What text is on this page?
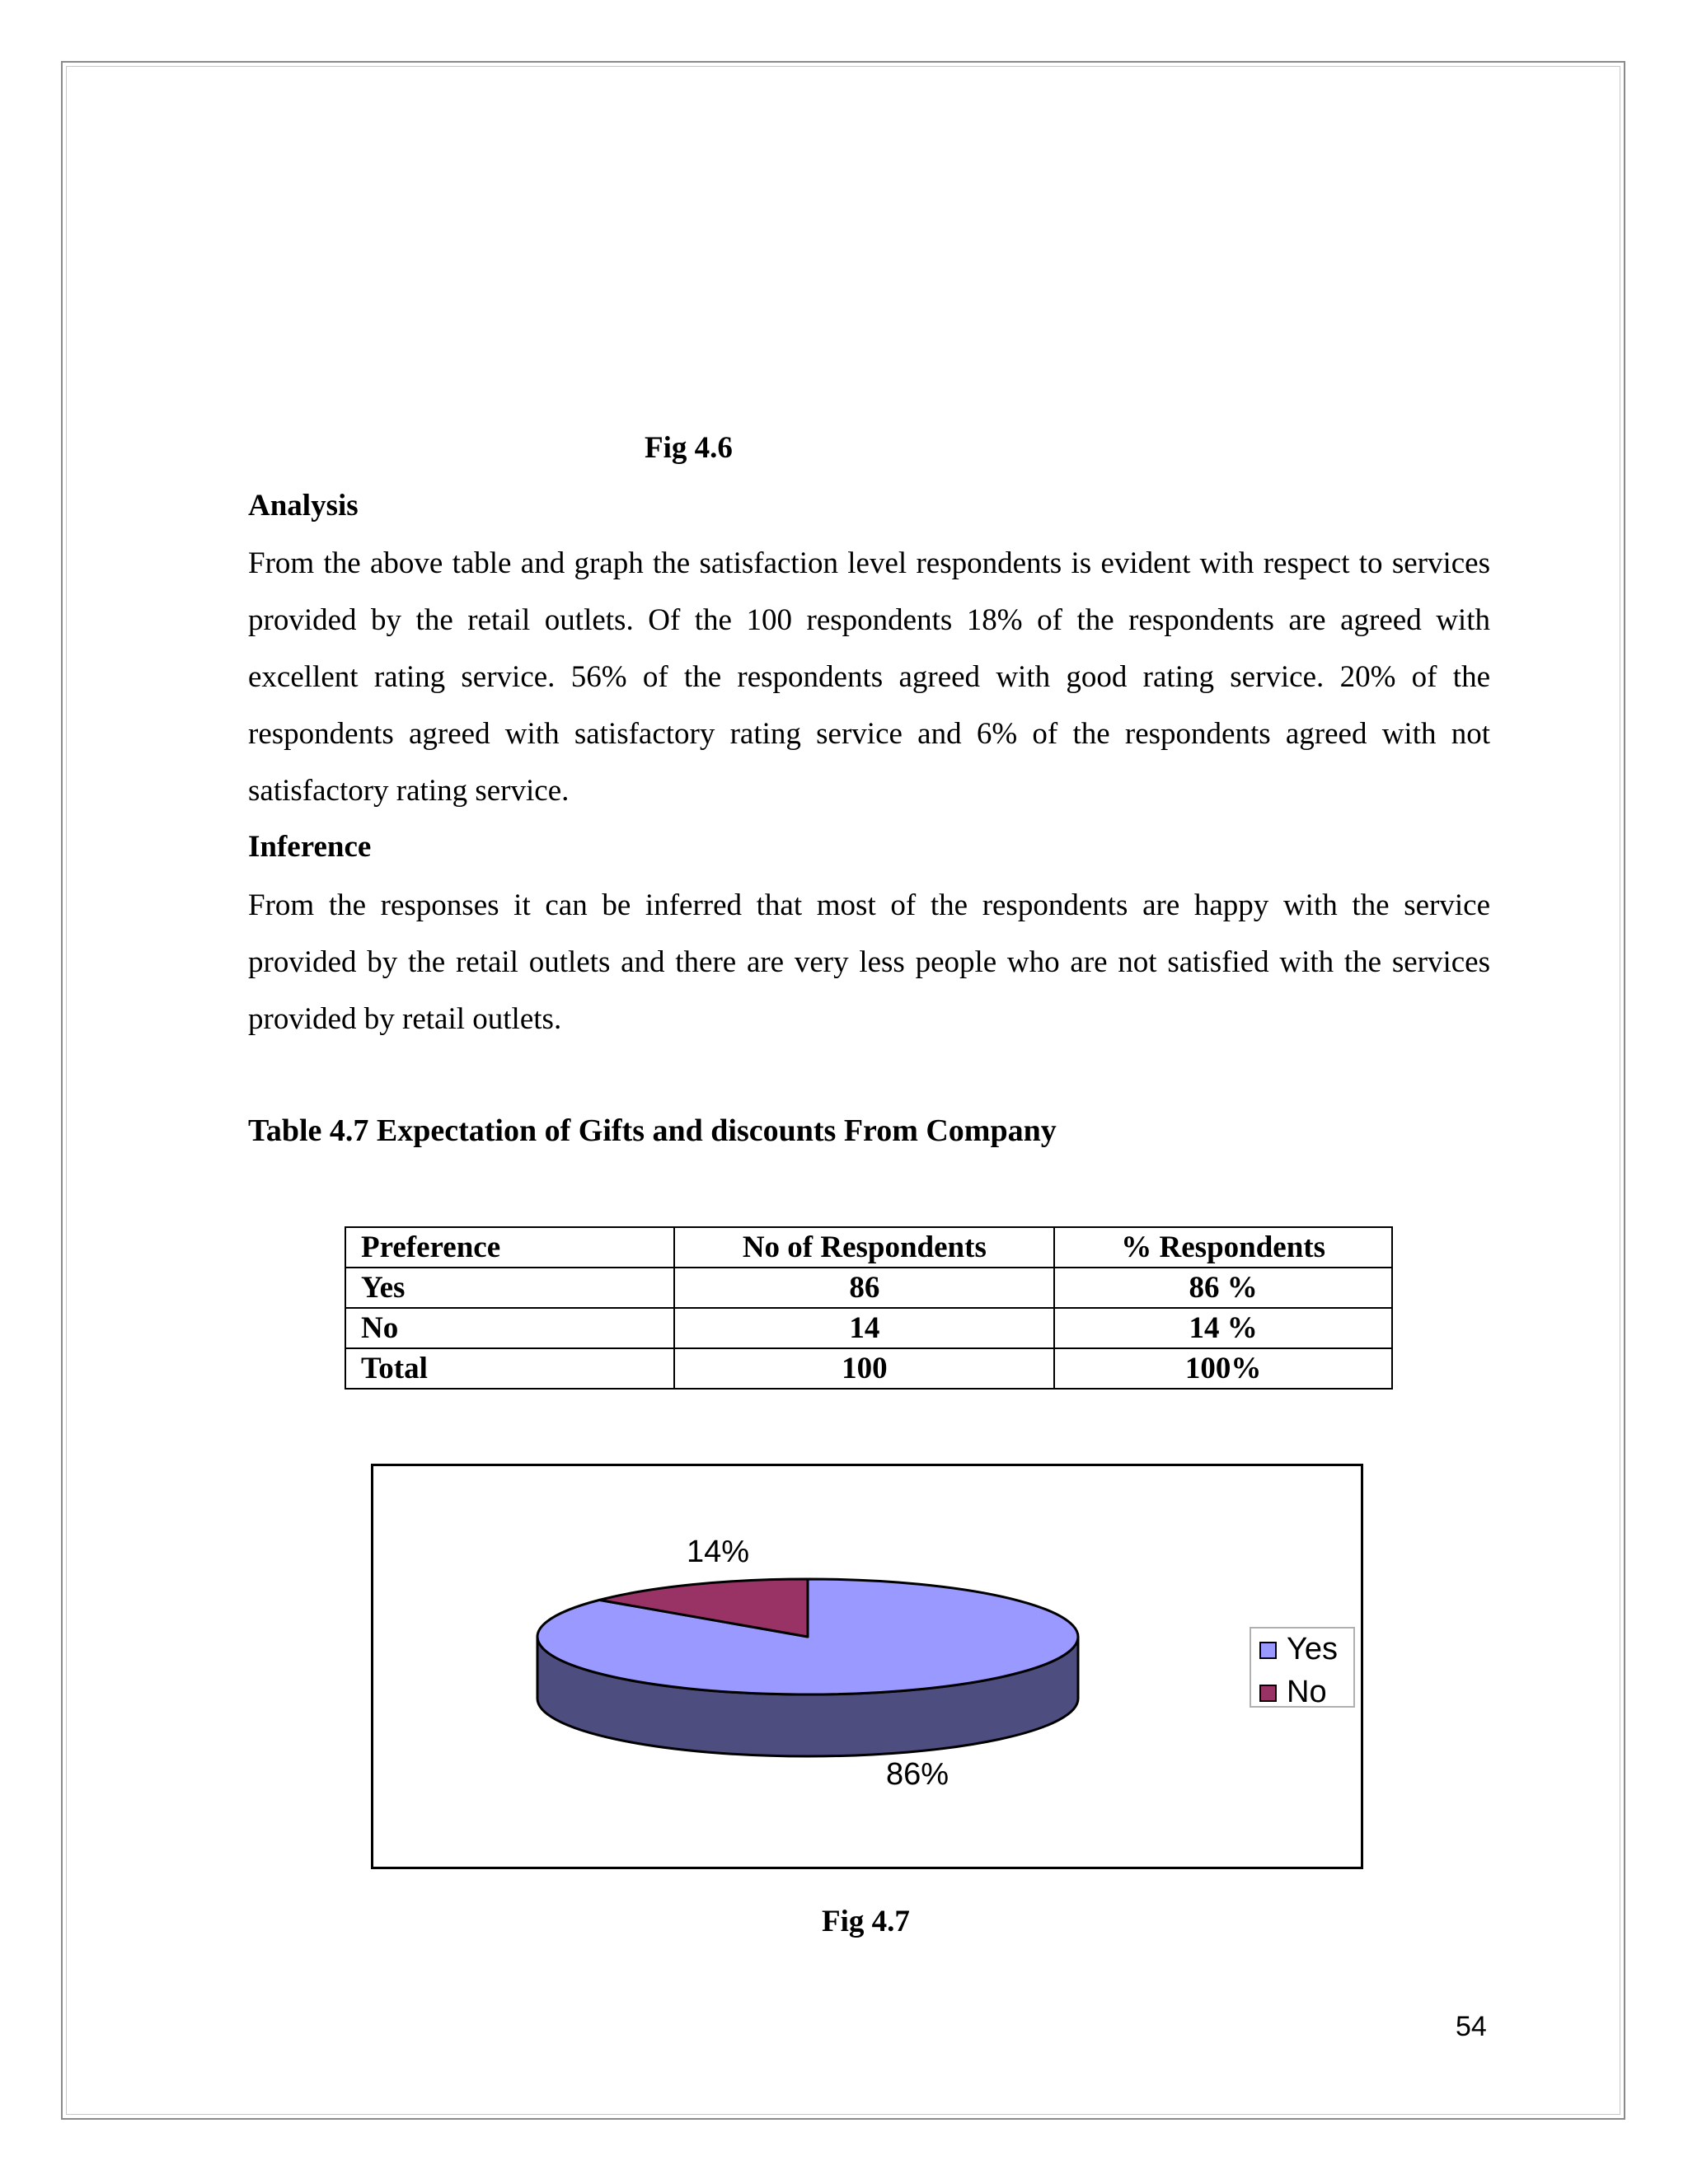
Fig 4.6
Analysis

From the above table and graph the satisfaction level respondents is evident with respect to services provided by the retail outlets. Of the 100 respondents 18% of the respondents are agreed with excellent rating service. 56% of the respondents agreed with good rating service. 20% of the respondents agreed with satisfactory rating service and 6% of the respondents agreed with not satisfactory rating service.

Inference

From the responses it can be inferred that most of the respondents are happy with the service provided by the retail outlets and there are very less people who are not satisfied with the services provided by retail outlets.

Table 4.7 Expectation of Gifts and discounts From Company
Preference	No of Respondents	% Respondents
Yes	86	86 %
No	14	14 %
Total	100	100%
86%
14%
Yes
No
Fig 4.7
54
